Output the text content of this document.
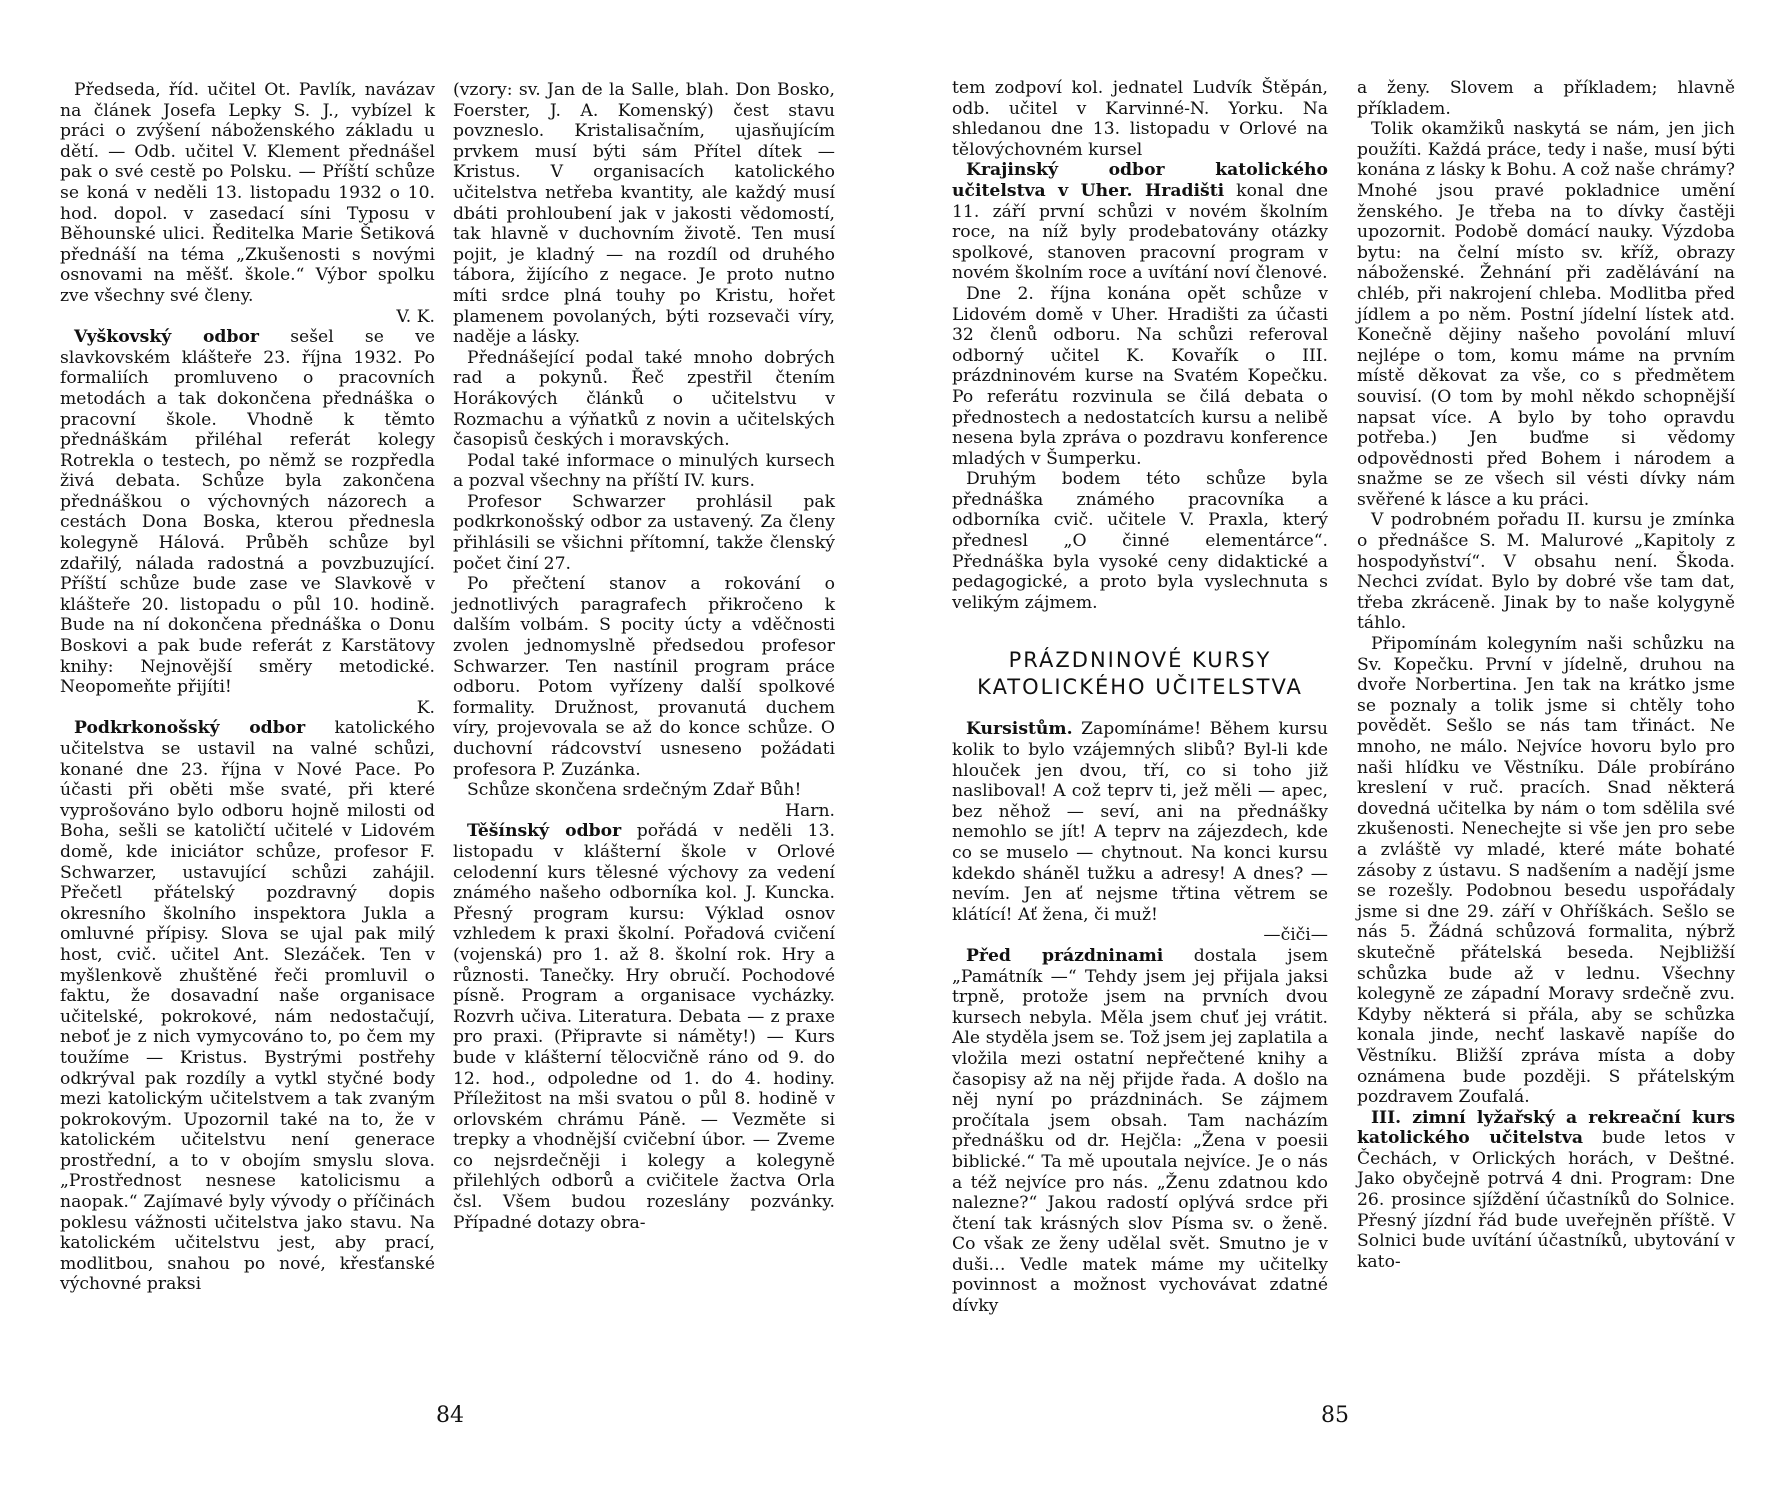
Předseda, říd. učitel Ot. Pavlík, navázav na článek Josefa Lepky S. J., vybízel k práci o zvýšení náboženského základu u dětí. — Odb. učitel V. Klement přednášel pak o své cestě po Polsku. — Příští schůze se koná v neděli 13. listopadu 1932 o 10. hod. dopol. v zasedací síni Typosu v Běhounské ulici. Ředitelka Marie Šetiková přednáší na téma „Zkušenosti s novými osnovami na měšť. škole.“ Výbor spolku zve všechny své členy.
V. K.

Vyškovský odbor sešel se ve slavkovském klášteře 23. října 1932. Po formaliích promluveno o pracovních metodách a tak dokončena přednáška o pracovní škole. Vhodně k těmto přednáškám přiléhal referát kolegy Rotrekla o testech, po němž se rozpředla živá debata. Schůze byla zakončena přednáškou o výchovných názorech a cestách Dona Boska, kterou přednesla kolegyně Hálová. Průběh schůze byl zdařilý, nálada radostná a povzbuzující. Příští schůze bude zase ve Slavkově v klášteře 20. listopadu o půl 10. hodině. Bude na ní dokončena přednáška o Donu Boskovi a pak bude referát z Karstätovy knihy: Nejnovější směry metodické. Neopomeňte přijíti!
K.

Podkrkonošský odbor katolického učitelstva se ustavil na valné schůzi, konané dne 23. října v Nové Pace. Po účasti při oběti mše svaté, při které vyprošováno bylo odboru hojně milosti od Boha, sešli se katoličtí učitelé v Lidovém domě, kde iniciátor schůze, profesor F. Schwarzer, ustavující schůzi zahájil. Přečetl přátelský pozdravný dopis okresního školního inspektora Jukla a omluvné přípisy. Slova se ujal pak milý host, cvič. učitel Ant. Slezáček. Ten v myšlenkově zhuštěné řeči promluvil o faktu, že dosavadní naše organisace učitelské, pokrokové, nám nedostačují, neboť je z nich vymycováno to, po čem my toužíme — Kristus. Bystrými postřehy odkrýval pak rozdíly a vytkl styčné body mezi katolickým učitelstvem a tak zvaným pokrokovým. Upozornil také na to, že v katolickém učitelstvu není generace prostřední, a to v obojím smyslu slova. „Prostřednost nesnese katolicismu a naopak.“ Zajímavé byly vývody o příčinách poklesu vážnosti učitelstva jako stavu. Na katolickém učitelstvu jest, aby prací, modlitbou, snahou po nové, křesťanské výchovné praksi

(vzory: sv. Jan de la Salle, blah. Don Bosko, Foerster, J. A. Komenský) čest stavu povzneslo. Kristalisačním, ujasňujícím prvkem musí býti sám Přítel dítek — Kristus. V organisacích katolického učitelstva netřeba kvantity, ale každý musí dbáti prohloubení jak v jakosti vědomostí, tak hlavně v duchovním životě. Ten musí pojit, je kladný — na rozdíl od druhého tábora, žijícího z negace. Je proto nutno míti srdce plná touhy po Kristu, hořet plamenem povolaných, býti rozsevači víry, naděje a lásky.

Přednášející podal také mnoho dobrých rad a pokynů. Řeč zpestřil čtením Horákových článků o učitelstvu v Rozmachu a výňatků z novin a učitelských časopisů českých i moravských.

Podal také informace o minulých kursech a pozval všechny na příští IV. kurs.

Profesor Schwarzer prohlásil pak podkrkonošský odbor za ustavený. Za členy přihlásili se všichni přítomní, takže členský počet činí 27.

Po přečtení stanov a rokování o jednotlivých paragrafech přikročeno k dalším volbám. S pocity úcty a vděčnosti zvolen jednomyslně předsedou profesor Schwarzer. Ten nastínil program práce odboru. Potom vyřízeny další spolkové formality. Družnost, provanutá duchem víry, projevovala se až do konce schůze. O duchovní rádcovství usneseno požádati profesora P. Zuzánka.

Schůze skončena srdečným Zdař Bůh!
Harn.

Těšínský odbor pořádá v neděli 13. listopadu v klášterní škole v Orlové celodenní kurs tělesné výchovy za vedení známého našeho odborníka kol. J. Kuncka. Přesný program kursu: Výklad osnov vzhledem k praxi školní. Pořadová cvičení (vojenská) pro 1. až 8. školní rok. Hry a různosti. Tanečky. Hry obručí. Pochodové písně. Program a organisace vycházky. Rozvrh učiva. Literatura. Debata — z praxe pro praxi. (Připravte si náměty!) — Kurs bude v klášterní tělocvičně ráno od 9. do 12. hod., odpoledne od 1. do 4. hodiny. Příležitost na mši svatou o půl 8. hodině v orlovském chrámu Páně. — Vezměte si trepky a vhodnější cvičební úbor. — Zveme co nejsrdečněji i kolegy a kolegyně přilehlých odborů a cvičitele žactva Orla čsl. Všem budou rozeslány pozvánky. Případné dotazy obra-

84

tem zodpoví kol. jednatel Ludvík Štěpán, odb. učitel v Karvinné-N. Yorku. Na shledanou dne 13. listopadu v Orlové na tělovýchovném kursel

Krajinský odbor katolického učitelstva v Uher. Hradišti konal dne 11. září první schůzi v novém školním roce, na níž byly prodebatovány otázky spolkové, stanoven pracovní program v novém školním roce a uvítání noví členové.

Dne 2. října konána opět schůze v Lidovém domě v Uher. Hradišti za účasti 32 členů odboru. Na schůzi referoval odborný učitel K. Kovařík o III. prázdninovém kurse na Svatém Kopečku. Po referátu rozvinula se čilá debata o přednostech a nedostatcích kursu a nelibě nesena byla zpráva o pozdravu konference mladých v Šumperku.

Druhým bodem této schůze byla přednáška známého pracovníka a odborníka cvič. učitele V. Praxla, který přednesl „O činné elementárce“. Přednáška byla vysoké ceny didaktické a pedagogické, a proto byla vyslechnuta s velikým zájmem.

PRÁZDNINOVÉ KURSY
KATOLICKÉHO UČITELSTVA

Kursistům. Zapomínáme! Během kursu kolik to bylo vzájemných slibů? Byl-li kde hlouček jen dvou, tří, co si toho již nasliboval! A což teprv ti, jež měli — apec, bez něhož — seví, ani na přednášky nemohlo se jít! A teprv na zájezdech, kde co se muselo — chytnout. Na konci kursu kdekdo sháněl tužku a adresy! A dnes? — nevím. Jen ať nejsme třtina větrem se klátící! Ať žena, či muž!
—čiči—

Před prázdninami dostala jsem „Památník —“ Tehdy jsem jej přijala jaksi trpně, protože jsem na prvních dvou kursech nebyla. Měla jsem chuť jej vrátit. Ale styděla jsem se. Tož jsem jej zaplatila a vložila mezi ostatní nepřečtené knihy a časopisy až na něj přijde řada. A došlo na něj nyní po prázdninách. Se zájmem pročítala jsem obsah. Tam nacházím přednášku od dr. Hejčla: „Žena v poesii biblické.“ Ta mě upoutala nejvíce. Je o nás a též nejvíce pro nás. „Ženu zdatnou kdo nalezne?“ Jakou radostí oplývá srdce při čtení tak krásných slov Písma sv. o ženě. Co však ze ženy udělal svět. Smutno je v duši… Vedle matek máme my učitelky povinnost a možnost vychovávat zdatné dívky

a ženy. Slovem a příkladem; hlavně příkladem.

Tolik okamžiků naskytá se nám, jen jich použíti. Každá práce, tedy i naše, musí býti konána z lásky k Bohu. A což naše chrámy? Mnohé jsou pravé pokladnice umění ženského. Je třeba na to dívky častěji upozornit. Podobě domácí nauky. Výzdoba bytu: na čelní místo sv. kříž, obrazy náboženské. Žehnání při zadělávání na chléb, při nakrojení chleba. Modlitba před jídlem a po něm. Postní jídelní lístek atd. Konečně dějiny našeho povolání mluví nejlépe o tom, komu máme na prvním místě děkovat za vše, co s předmětem souvisí. (O tom by mohl někdo schopnější napsat více. A bylo by toho opravdu potřeba.) Jen buďme si vědomy odpovědnosti před Bohem i národem a snažme se ze všech sil vésti dívky nám svěřené k lásce a ku práci.

V podrobném pořadu II. kursu je zmínka o přednášce S. M. Malurové „Kapitoly z hospodyňství“. V obsahu není. Škoda. Nechci zvídat. Bylo by dobré vše tam dat, třeba zkráceně. Jinak by to naše kolygyně táhlo.

Připomínám kolegyním naši schůzku na Sv. Kopečku. První v jídelně, druhou na dvoře Norbertina. Jen tak na krátko jsme se poznaly a tolik jsme si chtěly toho povědět. Sešlo se nás tam třináct. Ne mnoho, ne málo. Nejvíce hovoru bylo pro naši hlídku ve Věstníku. Dále probíráno kreslení v ruč. pracích. Snad některá dovedná učitelka by nám o tom sdělila své zkušenosti. Nenechejte si vše jen pro sebe a zvláště vy mladé, které máte bohaté zásoby z ústavu. S nadšením a nadějí jsme se rozešly. Podobnou besedu uspořádaly jsme si dne 29. září v Ohříškách. Sešlo se nás 5. Žádná schůzová formalita, nýbrž skutečně přátelská beseda. Nejbližší schůzka bude až v lednu. Všechny kolegyně ze západní Moravy srdečně zvu. Kdyby některá si přála, aby se schůzka konala jinde, nechť laskavě napíše do Věstníku. Bližší zpráva místa a doby oznámena bude později. S přátelským pozdravem Zoufalá.

III. zimní lyžařský a rekreační kurs katolického učitelstva bude letos v Čechách, v Orlických horách, v Deštné. Jako obyčejně potrvá 4 dni. Program: Dne 26. prosince sjíždění účastníků do Solnice. Přesný jízdní řád bude uveřejněn příště. V Solnici bude uvítání účastníků, ubytování v kato-

85
